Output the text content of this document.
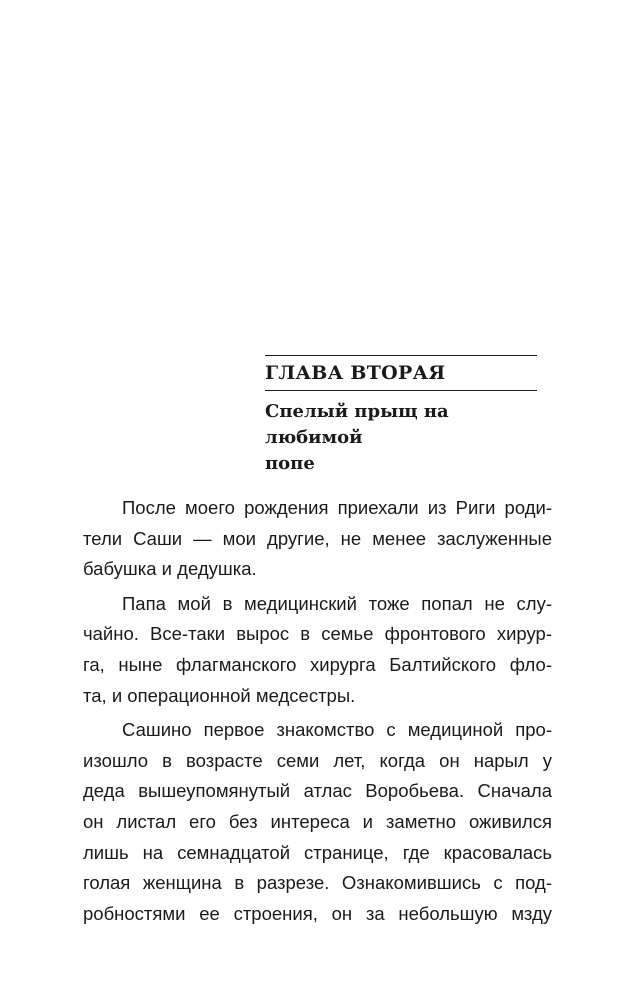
ГЛАВА ВТОРАЯ
Спелый прыщ на любимой
попе
После моего рождения приехали из Риги роди-
тели Саши — мои другие, не менее заслуженные
бабушка и дедушка.
Папа мой в медицинский тоже попал не слу-
чайно. Все-таки вырос в семье фронтового хирур-
га, ныне флагманского хирурга Балтийского фло-
та, и операционной медсестры.
Сашино первое знакомство с медициной про-
изошло в возрасте семи лет, когда он нарыл у
деда вышеупомянутый атлас Воробьева. Сначала
он листал его без интереса и заметно оживился
лишь на семнадцатой странице, где красовалась
голая женщина в разрезе. Ознакомившись с под-
робностями ее строения, он за небольшую мзду
